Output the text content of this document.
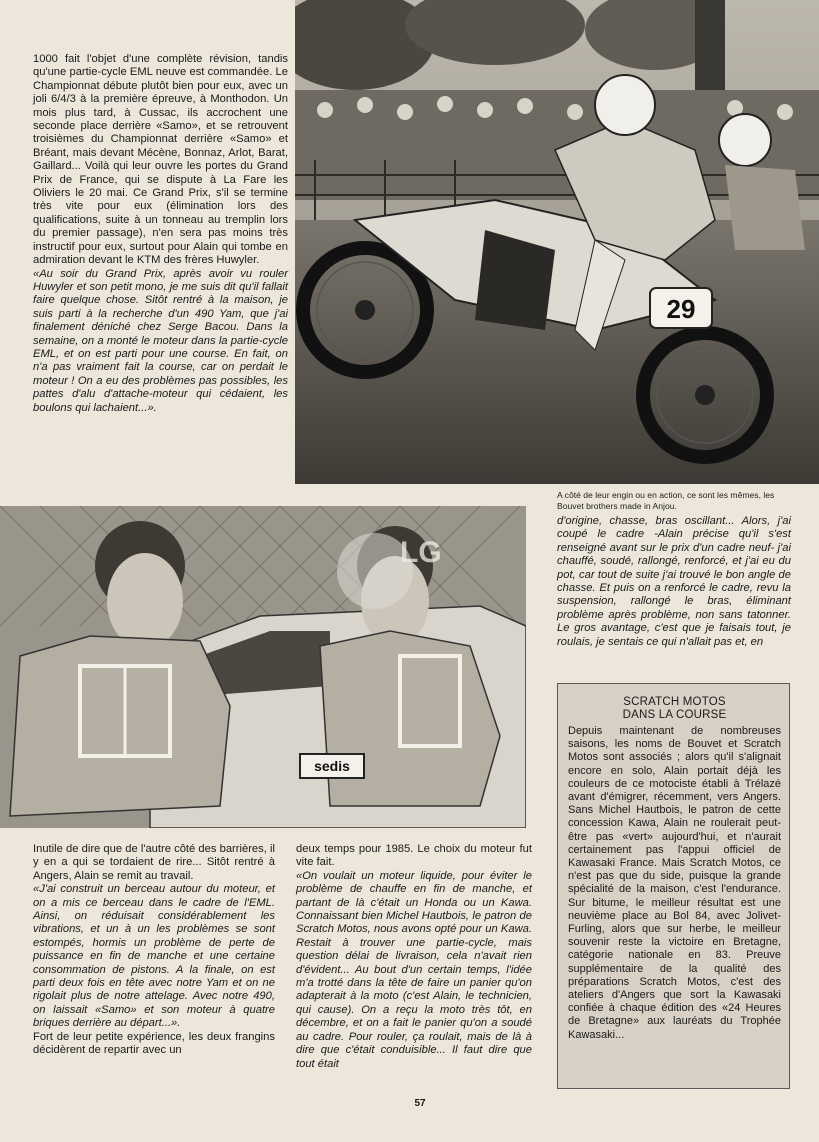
1000 fait l'objet d'une complète révision, tandis qu'une partie-cycle EML neuve est commandée. Le Championnat débute plutôt bien pour eux, avec un joli 6/4/3 à la première épreuve, à Monthodon. Un mois plus tard, à Cussac, ils accrochent une seconde place derrière «Samo», et se retrouvent troisièmes du Championnat derrière «Samo» et Bréant, mais devant Mécène, Bonnaz, Arlot, Barat, Gaillard... Voilà qui leur ouvre les portes du Grand Prix de France, qui se dispute à La Fare les Oliviers le 20 mai. Ce Grand Prix, s'il se termine très vite pour eux (élimination lors des qualifications, suite à un tonneau au tremplin lors du premier passage), n'en sera pas moins très instructif pour eux, surtout pour Alain qui tombe en admiration devant le KTM des frères Huwyler.

«Au soir du Grand Prix, après avoir vu rouler Huwyler et son petit mono, je me suis dit qu'il fallait faire quelque chose. Sitôt rentré à la maison, je suis parti à la recherche d'un 490 Yam, que j'ai finalement déniché chez Serge Bacou. Dans la semaine, on a monté le moteur dans la partie-cycle EML, et on est parti pour une course. En fait, on n'a pas vraiment fait la course, car on perdait le moteur ! On a eu des problèmes pas possibles, les pattes d'alu d'attache-moteur qui cédaient, les boulons qui lachaient...».

29
A côté de leur engin ou en action, ce sont les mêmes, les Bouvet brothers made in Anjou.
sedis
LG

d'origine, chasse, bras oscillant... Alors, j'ai coupé le cadre -Alain précise qu'il s'est renseigné avant sur le prix d'un cadre neuf- j'ai chauffé, soudé, rallongé, renforcé, et j'ai eu du pot, car tout de suite j'ai trouvé le bon angle de chasse. Et puis on a renforcé le cadre, revu la suspension, rallongé le bras, éliminant problème après problème, non sans tatonner. Le gros avantage, c'est que je faisais tout, je roulais, je sentais ce qui n'allait pas et, en

SCRATCH MOTOS
DANS LA COURSE
Depuis maintenant de nombreuses saisons, les noms de Bouvet et Scratch Motos sont associés ; alors qu'il s'alignait encore en solo, Alain portait déjà les couleurs de ce motociste établi à Trélazé avant d'émigrer, récemment, vers Angers. Sans Michel Hautbois, le patron de cette concession Kawa, Alain ne roulerait peut-être pas «vert» aujourd'hui, et n'aurait certainement pas l'appui officiel de Kawasaki France. Mais Scratch Motos, ce n'est pas que du side, puisque la grande spécialité de la maison, c'est l'endurance. Sur bitume, le meilleur résultat est une neuvième place au Bol 84, avec Jolivet-Furling, alors que sur herbe, le meilleur souvenir reste la victoire en Bretagne, catégorie nationale en 83. Preuve supplémentaire de la qualité des préparations Scratch Motos, c'est des ateliers d'Angers que sort la Kawasaki confiée à chaque édition des «24 Heures de Bretagne» aux lauréats du Trophée Kawasaki...

Inutile de dire que de l'autre côté des barrières, il y en a qui se tordaient de rire... Sitôt rentré à Angers, Alain se remit au travail.

«J'ai construit un berceau autour du moteur, et on a mis ce berceau dans le cadre de l'EML. Ainsi, on réduisait considérablement les vibrations, et un à un les problèmes se sont estompés, hormis un problème de perte de puissance en fin de manche et une certaine consommation de pistons. A la finale, on est parti deux fois en tête avec notre Yam et on ne rigolait plus de notre attelage. Avec notre 490, on laissait «Samo» et son moteur à quatre briques derrière au départ...».

Fort de leur petite expérience, les deux frangins décidèrent de repartir avec un

deux temps pour 1985. Le choix du moteur fut vite fait.

«On voulait un moteur liquide, pour éviter le problème de chauffe en fin de manche, et partant de là c'était un Honda ou un Kawa. Connaissant bien Michel Hautbois, le patron de Scratch Motos, nous avons opté pour un Kawa. Restait à trouver une partie-cycle, mais question délai de livraison, cela n'avait rien d'évident... Au bout d'un certain temps, l'idée m'a trotté dans la tête de faire un panier qu'on adapterait à la moto (c'est Alain, le technicien, qui cause). On a reçu la moto très tôt, en décembre, et on a fait le panier qu'on a soudé au cadre. Pour rouler, ça roulait, mais de là à dire que c'était conduisible... Il faut dire que tout était

57
